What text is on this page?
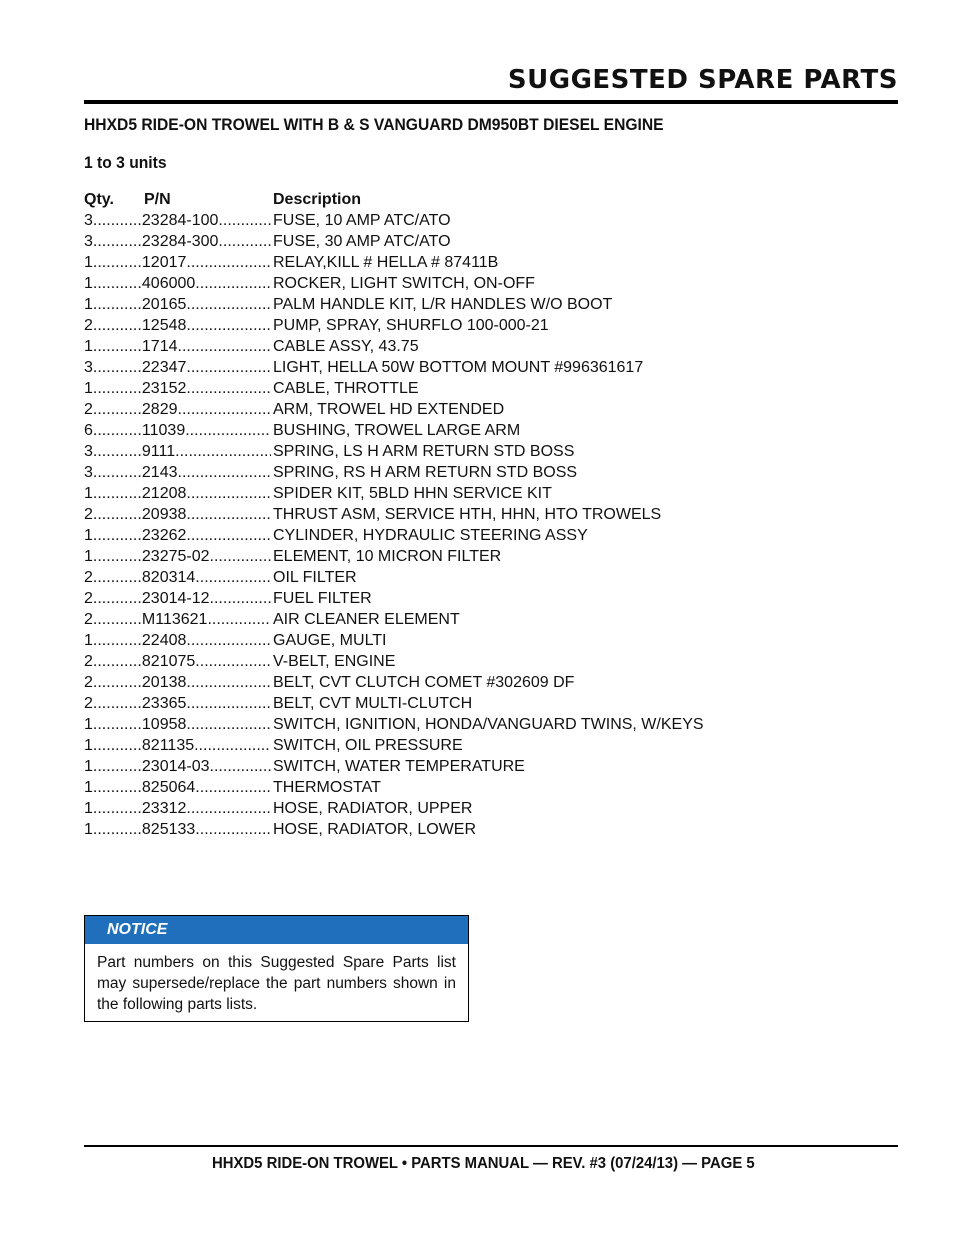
SUGGESTED SPARE PARTS
HHXD5 RIDE-ON TROWEL WITH B & S VANGUARD DM950BT DIESEL ENGINE
1 to 3 units
Qty. P/N	Description
3 .....	23284-100 .....	FUSE, 10 AMP ATC/ATO
3 .....	23284-300 .....	FUSE, 30 AMP ATC/ATO
1 .....	12017 .....	RELAY,KILL # HELLA # 87411B
1 .....	406000 .....	ROCKER, LIGHT SWITCH, ON-OFF
1 .....	20165 .....	PALM HANDLE KIT, L/R HANDLES W/O BOOT
2 .....	12548 .....	PUMP, SPRAY, SHURFLO 100-000-21
1 .....	1714 .....	CABLE ASSY, 43.75
3 .....	22347 .....	LIGHT, HELLA 50W BOTTOM MOUNT #996361617
1 .....	23152 .....	CABLE, THROTTLE
2 .....	2829 .....	ARM, TROWEL HD EXTENDED
6 .....	11039 .....	BUSHING, TROWEL LARGE ARM
3 .....	9111 .....	SPRING, LS H ARM RETURN STD BOSS
3 .....	2143 .....	SPRING, RS H ARM RETURN STD BOSS
1 .....	21208 .....	SPIDER KIT, 5BLD HHN SERVICE KIT
2 .....	20938 .....	THRUST ASM, SERVICE HTH, HHN, HTO TROWELS
1 .....	23262 .....	CYLINDER, HYDRAULIC STEERING ASSY
1 .....	23275-02 .....	ELEMENT, 10 MICRON FILTER
2 .....	820314 .....	OIL FILTER
2 .....	23014-12 .....	FUEL FILTER
2 .....	M113621 .....	AIR CLEANER ELEMENT
1 .....	22408 .....	GAUGE, MULTI
2 .....	821075 .....	V-BELT, ENGINE
2 .....	20138 .....	BELT, CVT CLUTCH COMET #302609 DF
2 .....	23365 .....	BELT, CVT MULTI-CLUTCH
1 .....	10958 .....	SWITCH, IGNITION, HONDA/VANGUARD TWINS, W/KEYS
1 .....	821135 .....	SWITCH, OIL PRESSURE
1 .....	23014-03 .....	SWITCH, WATER TEMPERATURE
1 .....	825064 .....	THERMOSTAT
1 .....	23312 .....	HOSE, RADIATOR, UPPER
1 .....	825133 .....	HOSE, RADIATOR, LOWER
NOTICE
Part numbers on this Suggested Spare Parts list may supersede/replace the part numbers shown in the following parts lists.
HHXD5 RIDE-ON TROWEL • PARTS MANUAL — REV. #3 (07/24/13) — PAGE 5
